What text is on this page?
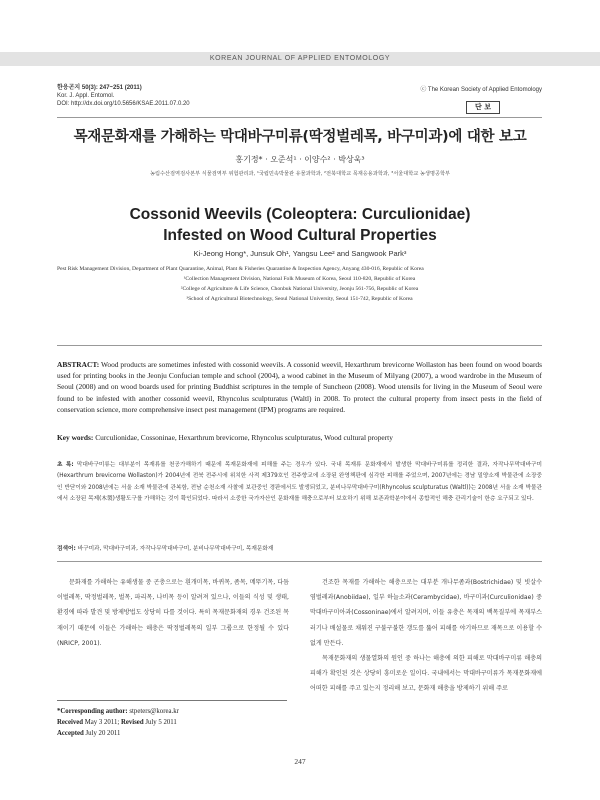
KOREAN JOURNAL OF APPLIED ENTOMOLOGY
한응곤지 50(3): 247~251 (2011)
Kor. J. Appl. Entomol.
DOI: http://dx.doi.org/10.5656/KSAE.2011.07.0.20
ⓒ The Korean Society of Applied Entomology
단 보
목재문화재를 가해하는 막대바구미류(딱정벌레목, 바구미과)에 대한 보고
홍기정* · 오준석¹ · 이양수² · 박상욱³
농림수산검역검사본부 식물검역부 위험관리과, ¹국립민속박물관 유물과학과, ²전북대학교 목재응용과학과, ³서울대학교 농생명공학부
Cossonid Weevils (Coleoptera: Curculionidae)
Infested on Wood Cultural Properties
Ki-Jeong Hong*, Junsuk Oh¹, Yangsu Lee² and Sangwook Park³
Pest Risk Management Division, Department of Plant Quarantine, Animal, Plant & Fisheries Quarantine & Inspection Agency, Anyang 430-016, Republic of Korea
¹Collection Management Division, National Folk Museum of Korea, Seoul 110-820, Republic of Korea
²College of Agriculture & Life Science, Chonbuk National University, Jeonju 561-756, Republic of Korea
³School of Agricultural Biotechnology, Seoul National University, Seoul 151-742, Republic of Korea
ABSTRACT: Wood products are sometimes infested with cossonid weevils. A cossonid weevil, Hexarthrum brevicorne Wollaston has been found on wood boards used for printing books in the Jeonju Confucian temple and school (2004), a wood cabinet in the Museum of Milyang (2007), a wood wardrobe in the Museum of Seoul (2008) and on wood boards used for printing Buddhist scriptures in the temple of Suncheon (2008). Wood utensils for living in the Museum of Seoul were found to be infested with another cossonid weevil, Rhyncolus sculpturatus (Waltl) in 2008. To protect the cultural property from insect pests in the field of conservation science, more comprehensive insect pest management (IPM) programs are required.
Key words: Curculionidae, Cossoninae, Hexarthrum brevicorne, Rhyncolus sculpturatus, Wood cultural property
초 록: 막대바구미류는 대부분이 목재류를 천공가해하기 때문에 목재문화재에 피해를 주는 경우가 있다. 국내 목재류 문화재에서 발생한 막대바구미류를 정리한 결과, 자작나무막대바구미(Hexarthrum brevicorne Wollaston)가 2004년에 전북 전주시에 위치한 사적 제379호인 전주향교에 소장된 완영책판에 심각한 피해를 주었으며, 2007년에는 경남 밀양소재 박물관에 소장중인 반닫이와 2008년에는 서울 소재 박물관에 관복함, 전남 순천소재 사찰에 보관중인 경판에서도 발생되었고, 분비나무막대바구미(Rhyncolus sculpturatus (Waltl))는 2008년 서울 소재 박물관에서 소장된 목제(木製)생활도구를 가해하는 것이 확인되었다. 따라서 소중한 국가자산인 문화재를 해충으로부터 보호하기 위해 보존과학분야에서 종합적인 해충 관리기술이 한층 요구되고 있다.
검색어: 바구미과, 막대바구미과, 자작나무막대바구미, 분비나무막대바구미, 목재문화재

문화재를 가해하는 유해생물 중 곤충으로는 흰개미목, 바퀴목, 좀목, 메뚜기목, 다듬이벌레목, 딱정벌레목, 벌목, 파리목, 나비목 등이 알려져 있으나, 이들의 식성 및 생태, 환경에 따라 발견 및 방제방법도 상당히 다를 것이다. 특히 목재문화재의 경우 건조된 목재이기 때문에 이들은 가해하는 해충은 딱정벌레목의 일부 그룹으로 한정될 수 있다(NRICP, 2001).

건조한 목재를 가해하는 해충으로는 대부분 개나무좀과(Bostrichidae) 및 빗살수염벌레과(Anobiidae), 일부 하늘소과(Cerambycidae), 바구미과(Curculionidae) 중 막대바구미아과(Cossoninae)에서 알려지며, 이들 유충은 목재의 백목질부에 목재부스러기나 배설물로 채워진 구불구불한 갱도를 뚫어 피해를 야기하므로 재목으로 이용할 수 없게 만든다.

목재문화재의 생물열화의 원인 중 하나는 해충에 의한 피해로 막대바구미류 해충의 피해가 확인된 것은 상당히 흥미로운 일이다. 국내에서는 막대바구미류가 목재문화재에 어떠한 피해를 주고 있는지 정리해 보고, 문화재 해충을 방제하기 위해 주로

*Corresponding author: stpeters@korea.kr
Received May 3 2011; Revised July 5 2011
Accepted July 20 2011
247
